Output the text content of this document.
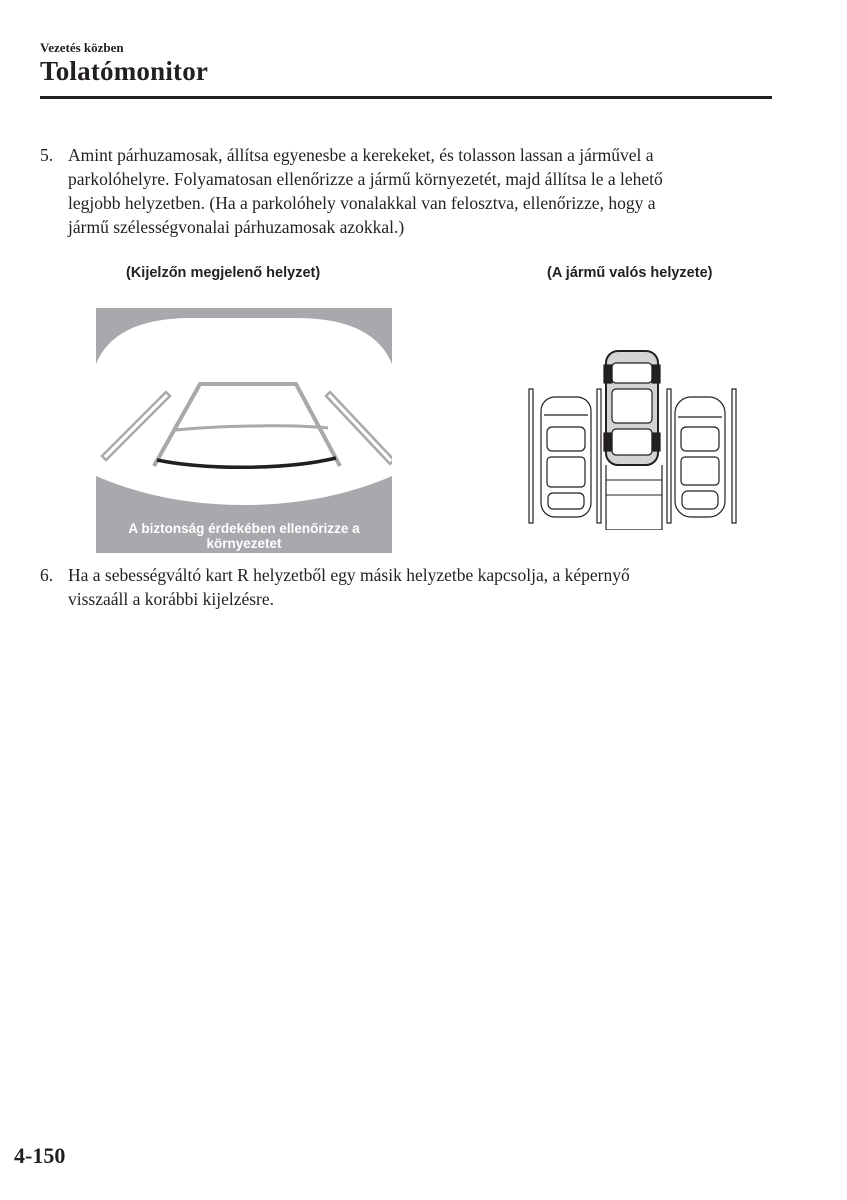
Vezetés közben
Tolatómonitor
5. Amint párhuzamosak, állítsa egyenesbe a kerekeket, és tolasson lassan a járművel a
parkolóhelyre. Folyamatosan ellenőrizze a jármű környezetét, majd állítsa le a lehető
legjobb helyzetben. (Ha a parkolóhely vonalakkal van felosztva, ellenőrizze, hogy a
jármű szélességvonalai párhuzamosak azokkal.)
(Kijelzőn megjelenő helyzet)	(A jármű valós helyzete)
A biztonság érdekében ellenőrizze a
környezetet
6. Ha a sebességváltó kart R helyzetből egy másik helyzetbe kapcsolja, a képernyő
visszaáll a korábbi kijelzésre.
4-150
